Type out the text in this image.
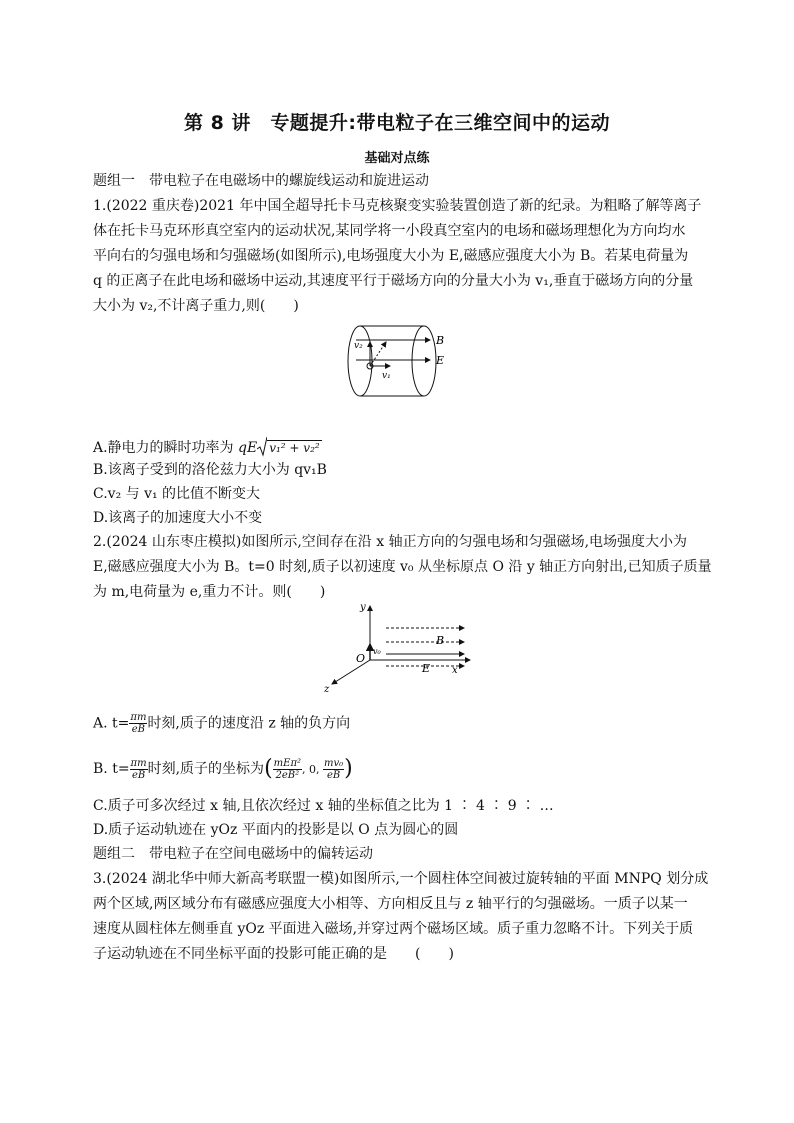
第 8 讲　专题提升:带电粒子在三维空间中的运动
基础对点练
题组一　带电粒子在电磁场中的螺旋线运动和旋进运动
1.(2022 重庆卷)2021 年中国全超导托卡马克核聚变实验装置创造了新的纪录。为粗略了解等离子
体在托卡马克环形真空室内的运动状况,某同学将一小段真空室内的电场和磁场理想化为方向均水
平向右的匀强电场和匀强磁场(如图所示),电场强度大小为 E,磁感应强度大小为 B。若某电荷量为
q 的正离子在此电场和磁场中运动,其速度平行于磁场方向的分量大小为 v₁,垂直于磁场方向的分量
大小为 v₂,不计离子重力,则(　　)
B
E
v₂
v₁
A.静电力的瞬时功率为 qE v₁² + v₂²
B.该离子受到的洛伦兹力大小为 qv₁B
C.v₂ 与 v₁ 的比值不断变大
D.该离子的加速度大小不变
2.(2024 山东枣庄模拟)如图所示,空间存在沿 x 轴正方向的匀强电场和匀强磁场,电场强度大小为
E,磁感应强度大小为 B。t=0 时刻,质子以初速度 v₀ 从坐标原点 O 沿 y 轴正方向射出,已知质子质量
为 m,电荷量为 e,重力不计。则(　　)
y
x
z
O
B
E
v₀
A. $t= \frac{\pi m}{eB}$ 时刻,质子的速度沿 z 轴的负方向
B. $t= \frac{\pi m}{eB}$ 时刻,质子的坐标为( $\frac{\text{mEπ²}}{\text{2eB²}}$ , 0, $\frac{\text{mv₀}}{eB}$ )
C.质子可多次经过 x 轴,且依次经过 x 轴的坐标值之比为 1 ∶ 4 ∶ 9 ∶ …
D.质子运动轨迹在 yOz 平面内的投影是以 O 点为圆心的圆
题组二　带电粒子在空间电磁场中的偏转运动
3.(2024 湖北华中师大新高考联盟一模)如图所示,一个圆柱体空间被过旋转轴的平面 MNPQ 划分成
两个区域,两区域分布有磁感应强度大小相等、方向相反且与 z 轴平行的匀强磁场。一质子以某一
速度从圆柱体左侧垂直 yOz 平面进入磁场,并穿过两个磁场区域。质子重力忽略不计。下列关于质
子运动轨迹在不同坐标平面的投影可能正确的是　　(　　)
